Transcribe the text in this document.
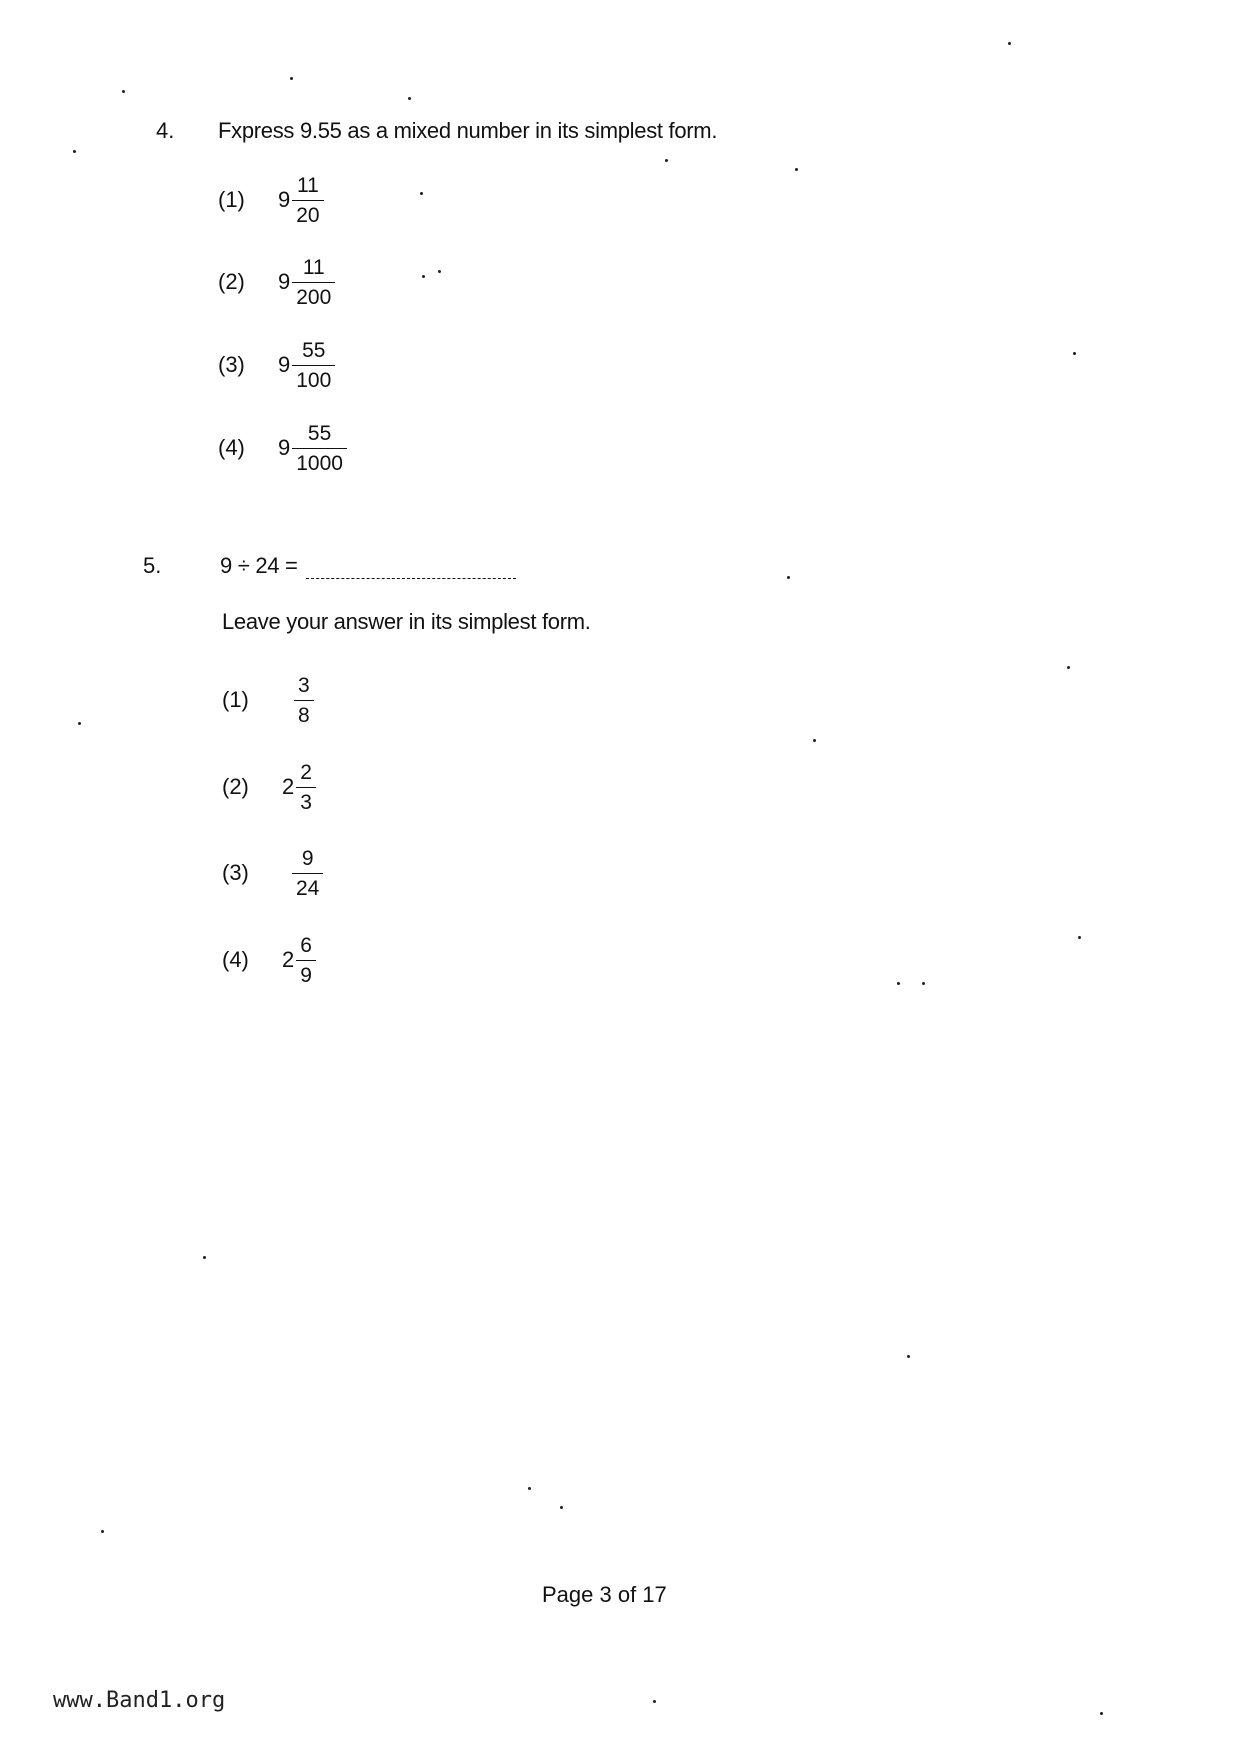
4. Fxpress 9.55 as a mixed number in its simplest form.
(1)	$9 \frac{11}{20}$
(2)	$9 \frac{11}{200}$
(3)	$9 \frac{55}{100}$
(4)	$9 \frac{55}{1000}$
5.	9 ÷ 24 =
Leave your answer in its simplest form.
(1)	$\frac{3}{8}$
(2)	$2 \frac{2}{3}$
(3)	$\frac{9}{24}$
(4)	$2 \frac{6}{9}$
Page 3 of 17
www.Band1.org
